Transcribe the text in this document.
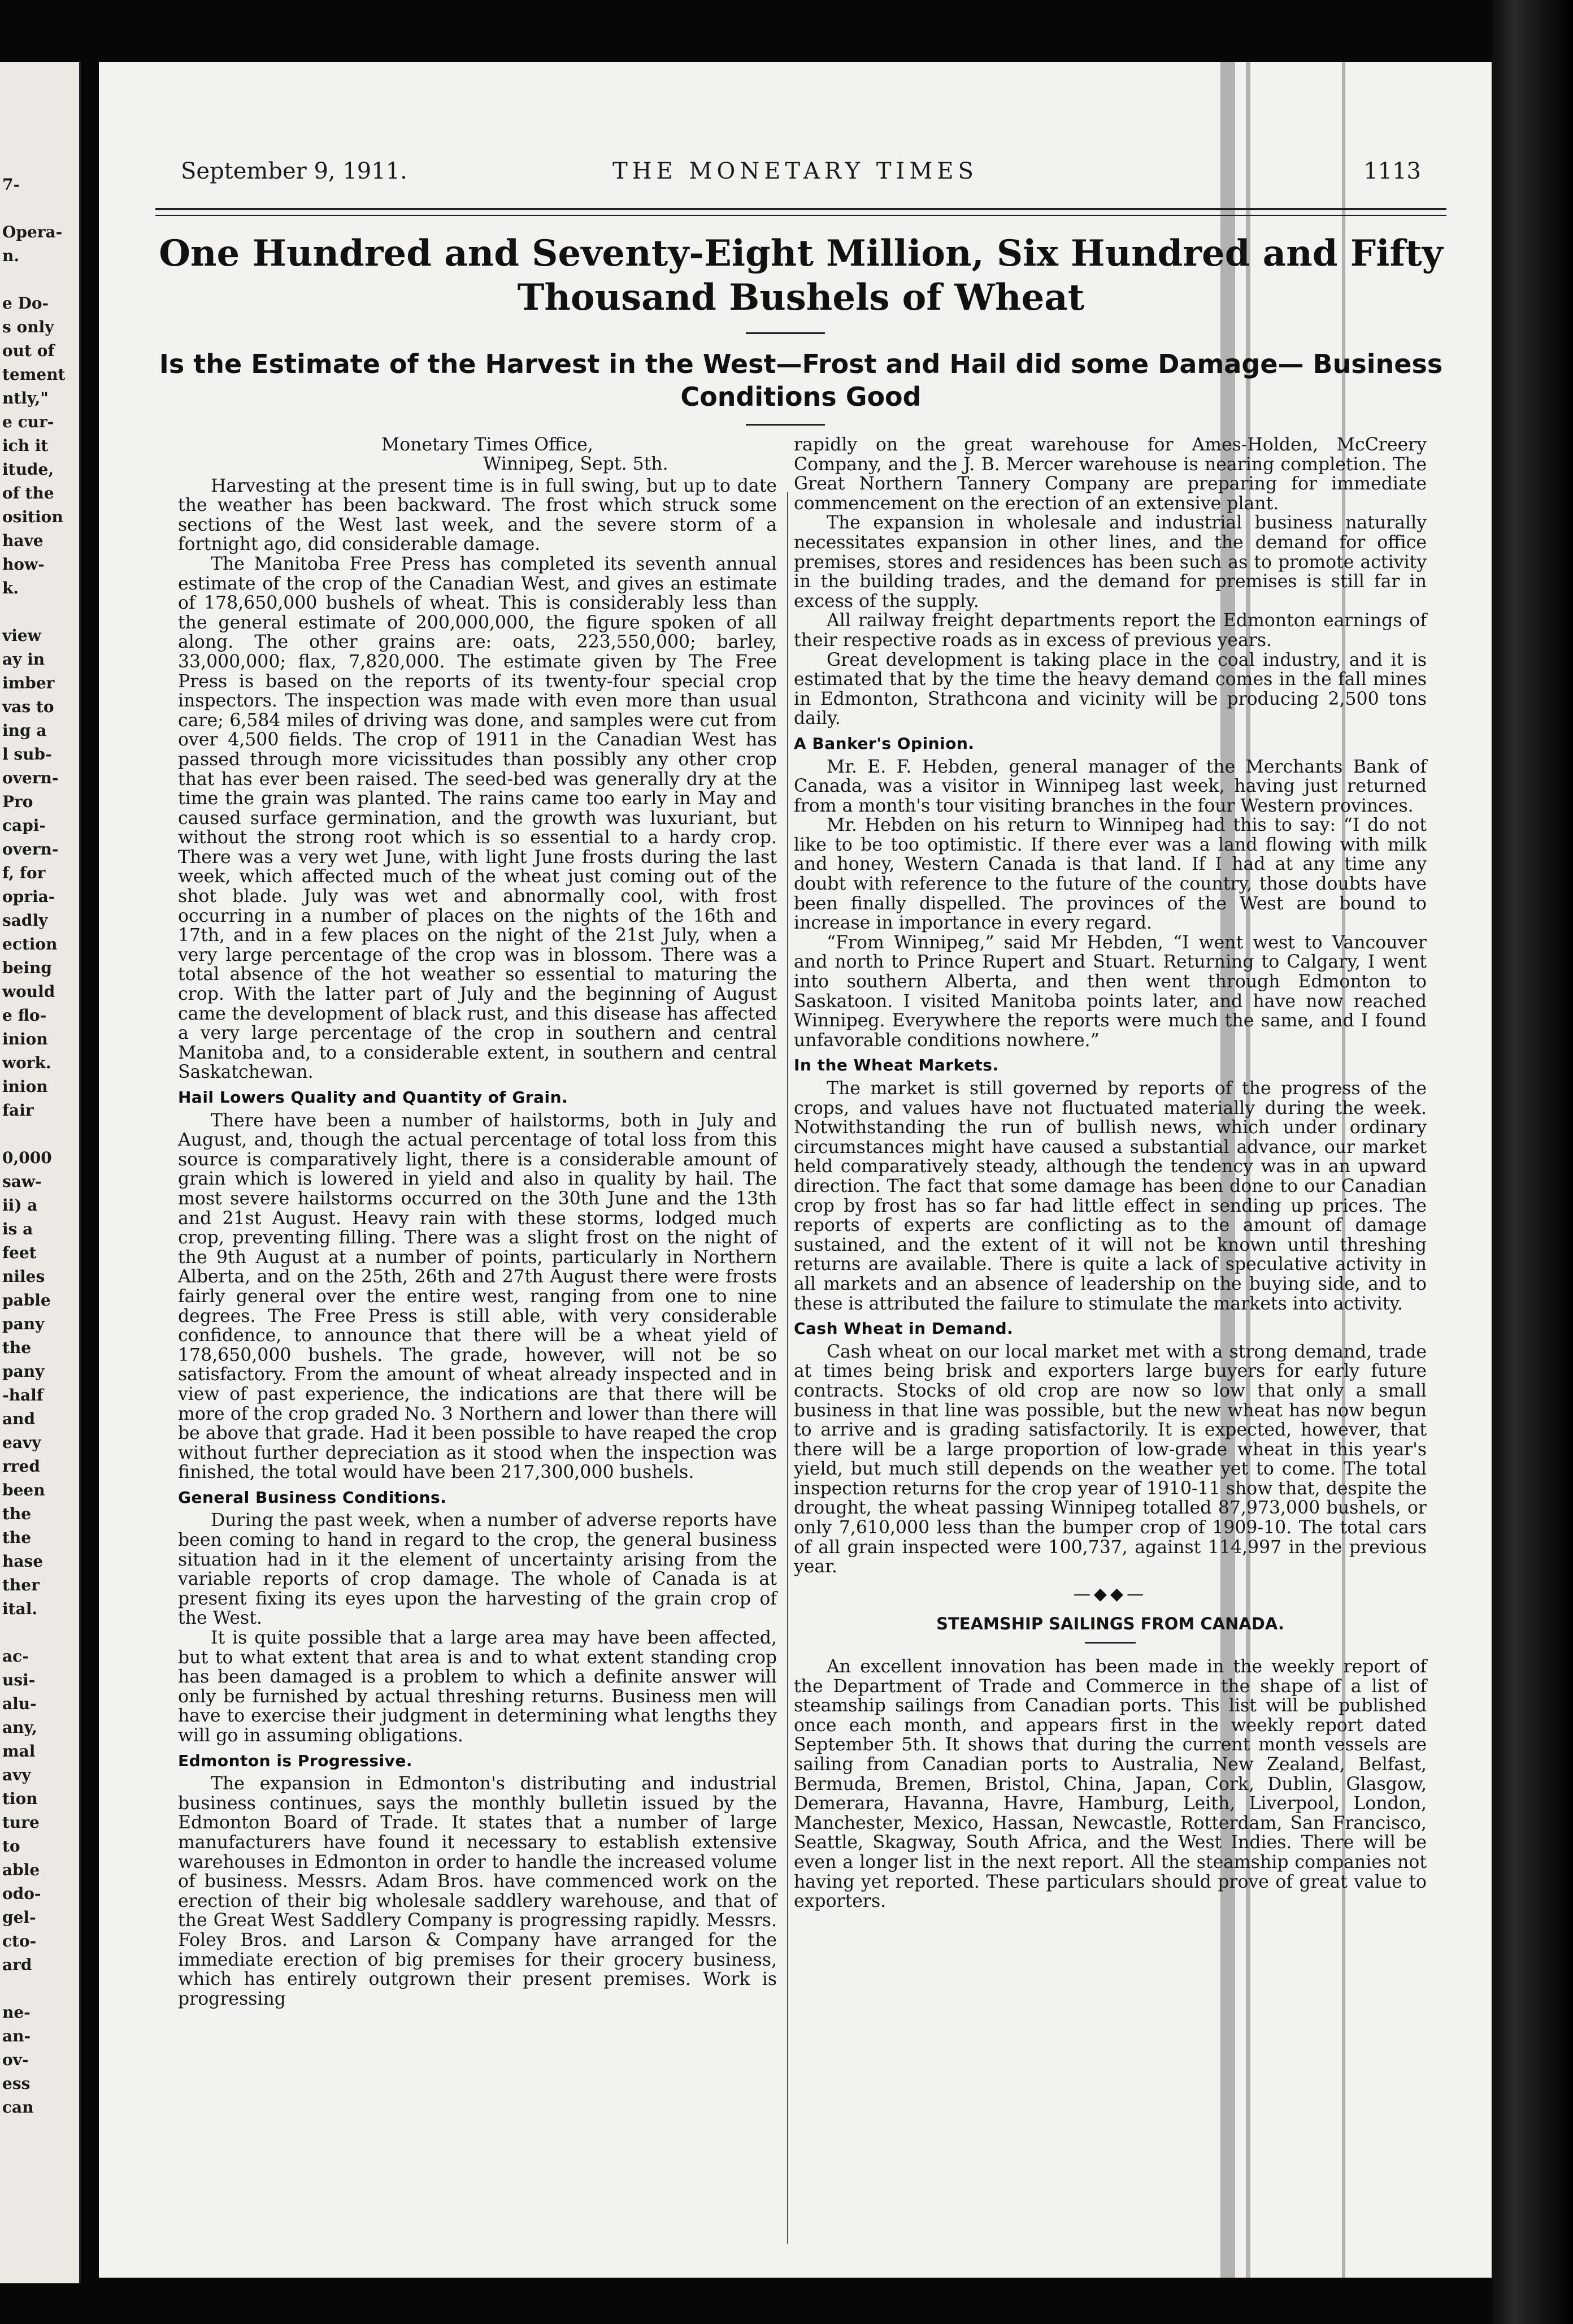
7-
Opera-
n.
e Do-
s only
out of
tement
ntly,"
e cur-
ich it
itude,
of the
osition
have
how-
k.
view
ay in
imber
vas to
ing a
l sub-
overn-
Pro
capi-
overn-
f, for
opria-
sadly
ection
being
would
e flo-
inion
work.
inion
fair
0,000
saw-
ii) a
is a
feet
niles
pable
pany
the
pany
-half
and
eavy
rred
been
the
the
hase
ther
ital.
ac-
usi-
alu-
any,
mal
avy
tion
ture
to
able
odo-
gel-
cto-
ard
ne-
an-
ov-
ess
can
September 9, 1911.	THE MONETARY TIMES	1113
One Hundred and Seventy-Eight Million, Six Hundred and Fifty Thousand Bushels of Wheat
Is the Estimate of the Harvest in the West—Frost and Hail did some Damage— Business Conditions Good

Monetary Times Office,

Winnipeg, Sept. 5th.

Harvesting at the present time is in full swing, but up to date the weather has been backward. The frost which struck some sections of the West last week, and the severe storm of a fortnight ago, did considerable damage.

The Manitoba Free Press has completed its seventh annual estimate of the crop of the Canadian West, and gives an estimate of 178,650,000 bushels of wheat. This is considerably less than the general estimate of 200,000,000, the figure spoken of all along. The other grains are: oats, 223,550,000; barley, 33,000,000; flax, 7,820,000. The estimate given by The Free Press is based on the reports of its twenty-four special crop inspectors. The inspection was made with even more than usual care; 6,584 miles of driving was done, and samples were cut from over 4,500 fields. The crop of 1911 in the Canadian West has passed through more vicissitudes than possibly any other crop that has ever been raised. The seed-bed was generally dry at the time the grain was planted. The rains came too early in May and caused surface germination, and the growth was luxuriant, but without the strong root which is so essential to a hardy crop. There was a very wet June, with light June frosts during the last week, which affected much of the wheat just coming out of the shot blade. July was wet and abnormally cool, with frost occurring in a number of places on the nights of the 16th and 17th, and in a few places on the night of the 21st July, when a very large percentage of the crop was in blossom. There was a total absence of the hot weather so essential to maturing the crop. With the latter part of July and the beginning of August came the development of black rust, and this disease has affected a very large percentage of the crop in southern and central Manitoba and, to a considerable extent, in southern and central Saskatchewan.

Hail Lowers Quality and Quantity of Grain.

There have been a number of hailstorms, both in July and August, and, though the actual percentage of total loss from this source is comparatively light, there is a considerable amount of grain which is lowered in yield and also in quality by hail. The most severe hailstorms occurred on the 30th June and the 13th and 21st August. Heavy rain with these storms, lodged much crop, preventing filling. There was a slight frost on the night of the 9th August at a number of points, particularly in Northern Alberta, and on the 25th, 26th and 27th August there were frosts fairly general over the entire west, ranging from one to nine degrees. The Free Press is still able, with very considerable confidence, to announce that there will be a wheat yield of 178,650,000 bushels. The grade, however, will not be so satisfactory. From the amount of wheat already inspected and in view of past experience, the indications are that there will be more of the crop graded No. 3 Northern and lower than there will be above that grade. Had it been possible to have reaped the crop without further depreciation as it stood when the inspection was finished, the total would have been 217,300,000 bushels.

General Business Conditions.

During the past week, when a number of adverse reports have been coming to hand in regard to the crop, the general business situation had in it the element of uncertainty arising from the variable reports of crop damage. The whole of Canada is at present fixing its eyes upon the harvesting of the grain crop of the West.

It is quite possible that a large area may have been affected, but to what extent that area is and to what extent standing crop has been damaged is a problem to which a definite answer will only be furnished by actual threshing returns. Business men will have to exercise their judgment in determining what lengths they will go in assuming obligations.

Edmonton is Progressive.

The expansion in Edmonton's distributing and industrial business continues, says the monthly bulletin issued by the Edmonton Board of Trade. It states that a number of large manufacturers have found it necessary to establish extensive warehouses in Edmonton in order to handle the increased volume of business. Messrs. Adam Bros. have commenced work on the erection of their big wholesale saddlery warehouse, and that of the Great West Saddlery Company is progressing rapidly. Messrs. Foley Bros. and Larson & Company have arranged for the immediate erection of big premises for their grocery business, which has entirely outgrown their present premises. Work is progressing

rapidly on the great warehouse for Ames-Holden, McCreery Company, and the J. B. Mercer warehouse is nearing completion. The Great Northern Tannery Company are preparing for immediate commencement on the erection of an extensive plant.

The expansion in wholesale and industrial business naturally necessitates expansion in other lines, and the demand for office premises, stores and residences has been such as to promote activity in the building trades, and the demand for premises is still far in excess of the supply.

All railway freight departments report the Edmonton earnings of their respective roads as in excess of previous years.

Great development is taking place in the coal industry, and it is estimated that by the time the heavy demand comes in the fall mines in Edmonton, Strathcona and vicinity will be producing 2,500 tons daily.

A Banker's Opinion.

Mr. E. F. Hebden, general manager of the Merchants Bank of Canada, was a visitor in Winnipeg last week, having just returned from a month's tour visiting branches in the four Western provinces.

Mr. Hebden on his return to Winnipeg had this to say: “I do not like to be too optimistic. If there ever was a land flowing with milk and honey, Western Canada is that land. If I had at any time any doubt with reference to the future of the country, those doubts have been finally dispelled. The provinces of the West are bound to increase in importance in every regard.

“From Winnipeg,” said Mr Hebden, “I went west to Vancouver and north to Prince Rupert and Stuart. Returning to Calgary, I went into southern Alberta, and then went through Edmonton to Saskatoon. I visited Manitoba points later, and have now reached Winnipeg. Everywhere the reports were much the same, and I found unfavorable conditions nowhere.”

In the Wheat Markets.

The market is still governed by reports of the progress of the crops, and values have not fluctuated materially during the week. Notwithstanding the run of bullish news, which under ordinary circumstances might have caused a substantial advance, our market held comparatively steady, although the tendency was in an upward direction. The fact that some damage has been done to our Canadian crop by frost has so far had little effect in sending up prices. The reports of experts are conflicting as to the amount of damage sustained, and the extent of it will not be known until threshing returns are available. There is quite a lack of speculative activity in all markets and an absence of leadership on the buying side, and to these is attributed the failure to stimulate the markets into activity.

Cash Wheat in Demand.

Cash wheat on our local market met with a strong demand, trade at times being brisk and exporters large buyers for early future contracts. Stocks of old crop are now so low that only a small business in that line was possible, but the new wheat has now begun to arrive and is grading satisfactorily. It is expected, however, that there will be a large proportion of low-grade wheat in this year's yield, but much still depends on the weather yet to come. The total inspection returns for the crop year of 1910-11 show that, despite the drought, the wheat passing Winnipeg totalled 87,973,000 bushels, or only 7,610,000 less than the bumper crop of 1909-10. The total cars of all grain inspected were 100,737, against 114,997 in the previous year.

—◆◆—

STEAMSHIP SAILINGS FROM CANADA.

An excellent innovation has been made in the weekly report of the Department of Trade and Commerce in the shape of a list of steamship sailings from Canadian ports. This list will be published once each month, and appears first in the weekly report dated September 5th. It shows that during the current month vessels are sailing from Canadian ports to Australia, New Zealand, Belfast, Bermuda, Bremen, Bristol, China, Japan, Cork, Dublin, Glasgow, Demerara, Havanna, Havre, Hamburg, Leith, Liverpool, London, Manchester, Mexico, Hassan, Newcastle, Rotterdam, San Francisco, Seattle, Skagway, South Africa, and the West Indies. There will be even a longer list in the next report. All the steamship companies not having yet reported. These particulars should prove of great value to exporters.
